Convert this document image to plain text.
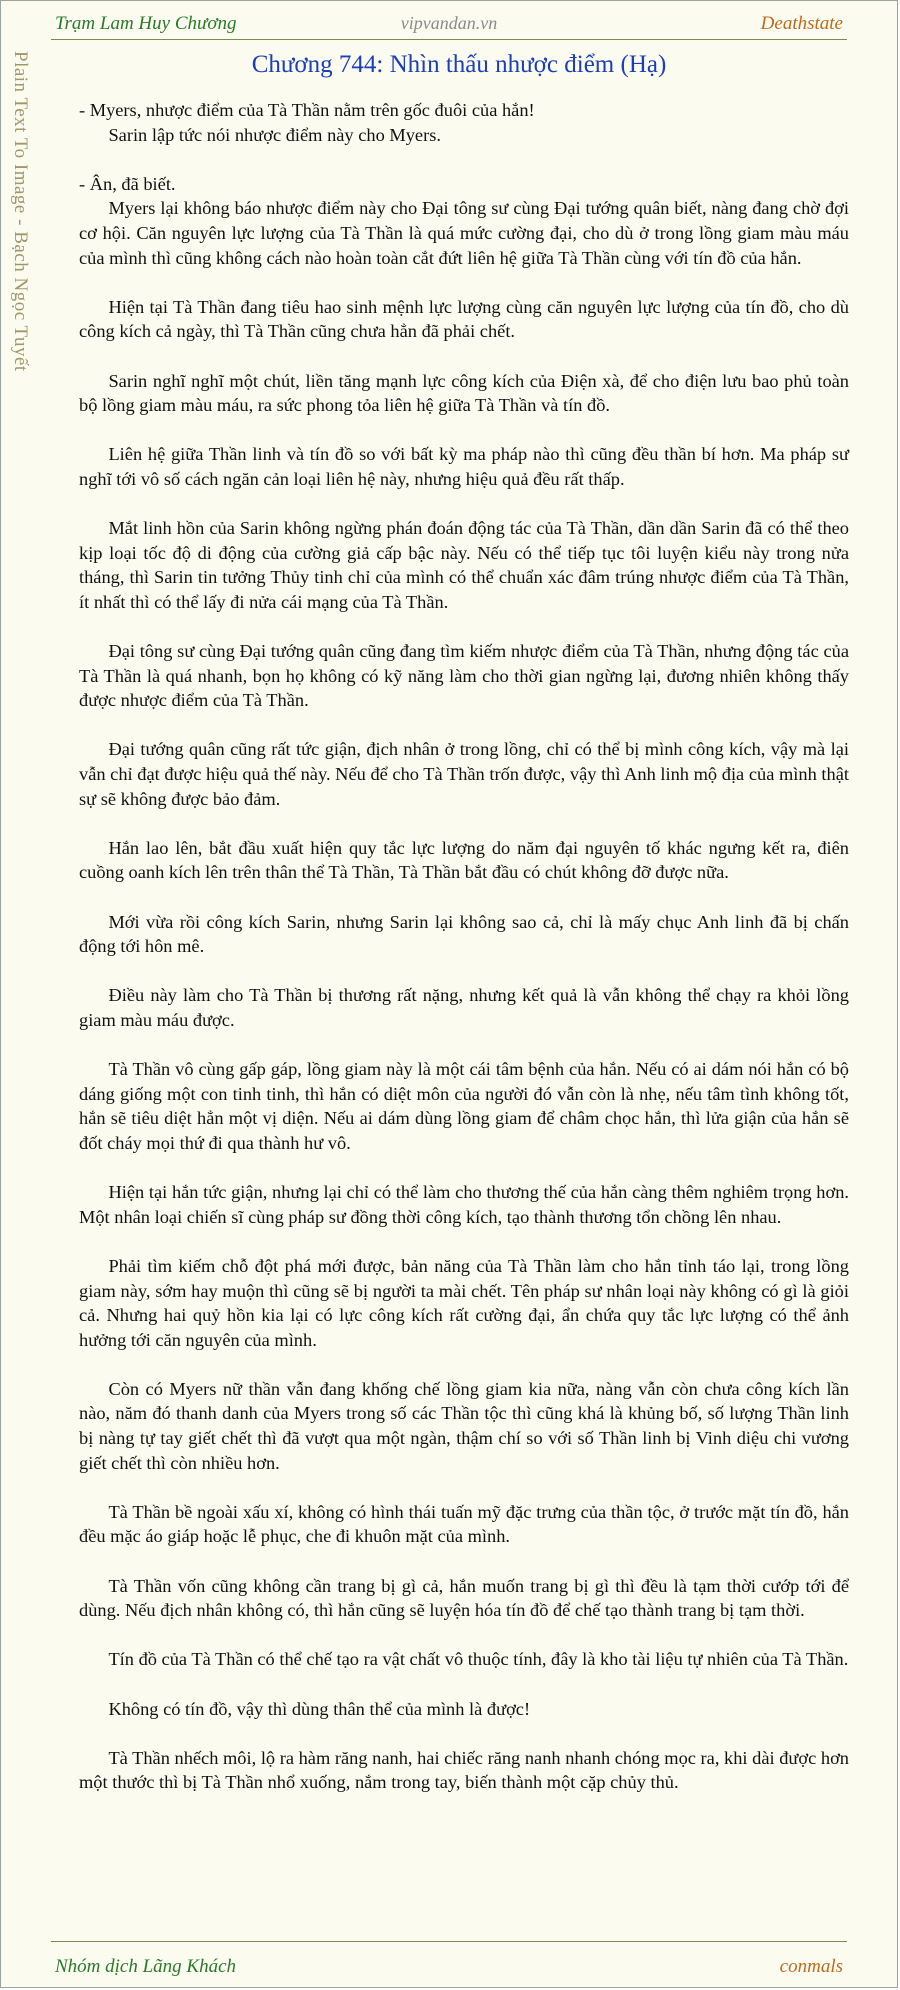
Trạm Lam Huy Chương	vipvandan.vn	Deathstate
Plain Text To Image - Bạch Ngọc Tuyết	Chương 744: Nhìn thấu nhược điểm (Hạ)

- Myers, nhược điểm của Tà Thần nằm trên gốc đuôi của hắn!

Sarin lập tức nói nhược điểm này cho Myers.

- Ân, đã biết.

Myers lại không báo nhược điểm này cho Đại tông sư cùng Đại tướng quân biết, nàng đang chờ đợi cơ hội. Căn nguyên lực lượng của Tà Thần là quá mức cường đại, cho dù ở trong lồng giam màu máu của mình thì cũng không cách nào hoàn toàn cắt đứt liên hệ giữa Tà Thần cùng với tín đồ của hắn.

Hiện tại Tà Thần đang tiêu hao sinh mệnh lực lượng cùng căn nguyên lực lượng của tín đồ, cho dù công kích cả ngày, thì Tà Thần cũng chưa hẳn đã phải chết.

Sarin nghĩ nghĩ một chút, liền tăng mạnh lực công kích của Điện xà, để cho điện lưu bao phủ toàn bộ lồng giam màu máu, ra sức phong tỏa liên hệ giữa Tà Thần và tín đồ.

Liên hệ giữa Thần linh và tín đồ so với bất kỳ ma pháp nào thì cũng đều thần bí hơn. Ma pháp sư nghĩ tới vô số cách ngăn cản loại liên hệ này, nhưng hiệu quả đều rất thấp.

Mắt linh hồn của Sarin không ngừng phán đoán động tác của Tà Thần, dần dần Sarin đã có thể theo kịp loại tốc độ di động của cường giả cấp bậc này. Nếu có thể tiếp tục tôi luyện kiểu này trong nửa tháng, thì Sarin tin tưởng Thủy tinh chỉ của mình có thể chuẩn xác đâm trúng nhược điểm của Tà Thần, ít nhất thì có thể lấy đi nửa cái mạng của Tà Thần.

Đại tông sư cùng Đại tướng quân cũng đang tìm kiếm nhược điểm của Tà Thần, nhưng động tác của Tà Thần là quá nhanh, bọn họ không có kỹ năng làm cho thời gian ngừng lại, đương nhiên không thấy được nhược điểm của Tà Thần.

Đại tướng quân cũng rất tức giận, địch nhân ở trong lồng, chỉ có thể bị mình công kích, vậy mà lại vẫn chỉ đạt được hiệu quả thế này. Nếu để cho Tà Thần trốn được, vậy thì Anh linh mộ địa của mình thật sự sẽ không được bảo đảm.

Hắn lao lên, bắt đầu xuất hiện quy tắc lực lượng do năm đại nguyên tố khác ngưng kết ra, điên cuồng oanh kích lên trên thân thể Tà Thần, Tà Thần bắt đầu có chút không đỡ được nữa.

Mới vừa rồi công kích Sarin, nhưng Sarin lại không sao cả, chỉ là mấy chục Anh linh đã bị chấn động tới hôn mê.

Điều này làm cho Tà Thần bị thương rất nặng, nhưng kết quả là vẫn không thể chạy ra khỏi lồng giam màu máu được.

Tà Thần vô cùng gấp gáp, lồng giam này là một cái tâm bệnh của hắn. Nếu có ai dám nói hắn có bộ dáng giống một con tinh tinh, thì hắn có diệt môn của người đó vẫn còn là nhẹ, nếu tâm tình không tốt, hắn sẽ tiêu diệt hẳn một vị diện. Nếu ai dám dùng lồng giam để châm chọc hắn, thì lửa giận của hắn sẽ đốt cháy mọi thứ đi qua thành hư vô.

Hiện tại hắn tức giận, nhưng lại chỉ có thể làm cho thương thế của hắn càng thêm nghiêm trọng hơn. Một nhân loại chiến sĩ cùng pháp sư đồng thời công kích, tạo thành thương tổn chồng lên nhau.

Phải tìm kiếm chỗ đột phá mới được, bản năng của Tà Thần làm cho hắn tỉnh táo lại, trong lồng giam này, sớm hay muộn thì cũng sẽ bị người ta mài chết. Tên pháp sư nhân loại này không có gì là giỏi cả. Nhưng hai quỷ hồn kia lại có lực công kích rất cường đại, ẩn chứa quy tắc lực lượng có thể ảnh hưởng tới căn nguyên của mình.

Còn có Myers nữ thần vẫn đang khống chế lồng giam kia nữa, nàng vẫn còn chưa công kích lần nào, năm đó thanh danh của Myers trong số các Thần tộc thì cũng khá là khủng bố, số lượng Thần linh bị nàng tự tay giết chết thì đã vượt qua một ngàn, thậm chí so với số Thần linh bị Vinh diệu chi vương giết chết thì còn nhiều hơn.

Tà Thần bề ngoài xấu xí, không có hình thái tuấn mỹ đặc trưng của thần tộc, ở trước mặt tín đồ, hắn đều mặc áo giáp hoặc lễ phục, che đi khuôn mặt của mình.

Tà Thần vốn cũng không cần trang bị gì cả, hắn muốn trang bị gì thì đều là tạm thời cướp tới để dùng. Nếu địch nhân không có, thì hắn cũng sẽ luyện hóa tín đồ để chế tạo thành trang bị tạm thời.

Tín đồ của Tà Thần có thể chế tạo ra vật chất vô thuộc tính, đây là kho tài liệu tự nhiên của Tà Thần.

Không có tín đồ, vậy thì dùng thân thể của mình là được!

Tà Thần nhếch môi, lộ ra hàm răng nanh, hai chiếc răng nanh nhanh chóng mọc ra, khi dài được hơn một thước thì bị Tà Thần nhổ xuống, nắm trong tay, biến thành một cặp chủy thủ.

Nhóm dịch Lãng Khách	conmals
